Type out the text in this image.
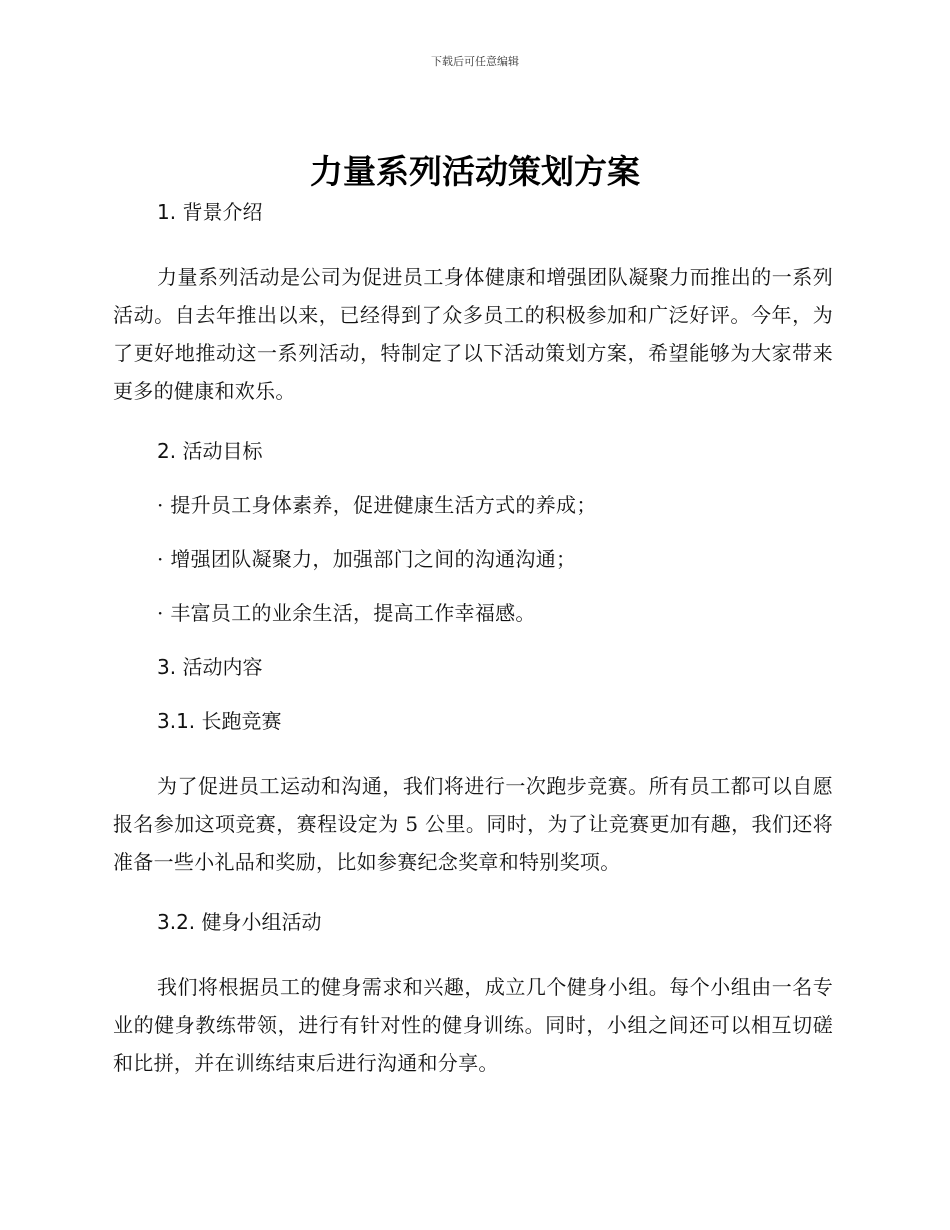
下载后可任意编辑
力量系列活动策划方案
1. 背景介绍

力量系列活动是公司为促进员工身体健康和增强团队凝聚力而推出的一系列活动。自去年推出以来，已经得到了众多员工的积极参加和广泛好评。今年，为了更好地推动这一系列活动，特制定了以下活动策划方案，希望能够为大家带来更多的健康和欢乐。

2. 活动目标
· 提升员工身体素养，促进健康生活方式的养成；
· 增强团队凝聚力，加强部门之间的沟通沟通；
· 丰富员工的业余生活，提高工作幸福感。
3. 活动内容
3.1. 长跑竞赛

为了促进员工运动和沟通，我们将进行一次跑步竞赛。所有员工都可以自愿报名参加这项竞赛，赛程设定为 5 公里。同时，为了让竞赛更加有趣，我们还将准备一些小礼品和奖励，比如参赛纪念奖章和特别奖项。

3.2. 健身小组活动

我们将根据员工的健身需求和兴趣，成立几个健身小组。每个小组由一名专业的健身教练带领，进行有针对性的健身训练。同时，小组之间还可以相互切磋和比拼，并在训练结束后进行沟通和分享。
